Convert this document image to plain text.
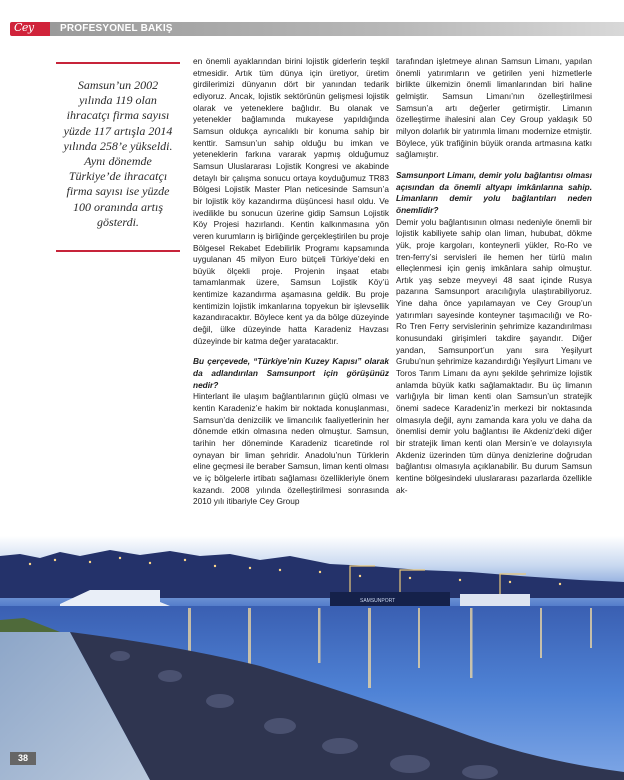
Cey	PROFESYONEL BAKIŞ
Samsun’un 2002 yılında 119 olan ihracatçı firma sayısı yüzde 117 artışla 2014 yılında 258’e yükseldi. Aynı dönemde Türkiye’de ihracatçı firma sayısı ise yüzde 100 oranında artış gösterdi.

en önemli ayaklarından birini lojistik giderlerin teşkil etmesidir. Artık tüm dünya için üretiyor, üretim girdilerimizi dünyanın dört bir yanından tedarik ediyoruz. Ancak, lojistik sektörünün gelişmesi lojistik olarak ve yeteneklere bağlıdır. Bu olanak ve yetenekler bağlamında mukayese yapıldığında Samsun oldukça ayrıcalıklı bir konuma sahip bir kenttir. Samsun’un sahip olduğu bu imkan ve yeteneklerin farkına vararak yapmış olduğumuz Samsun Uluslararası Lojistik Kongresi ve akabinde detaylı bir çalışma sonucu ortaya koyduğumuz TR83 Bölgesi Lojistik Master Plan neticesinde Samsun’a bir lojistik köy kazandırma düşüncesi hasıl oldu. Ve ivedilikle bu sonucun üzerine gidip Samsun Lojistik Köy Projesi hazırlandı. Kentin kalkınmasına yön veren kurumların iş birliğinde gerçekleştirilen bu proje Bölgesel Rekabet Edebilirlik Programı kapsamında uygulanan 45 milyon Euro bütçeli Türkiye’deki en büyük ölçekli proje. Projenin inşaat etabı tamamlanmak üzere, Samsun Lojistik Köy’ü kentimize kazandırma aşamasına geldik. Bu proje kentimizin lojistik imkanlarına topyekun bir işlevsellik kazandıracaktır. Böylece kent ya da bölge düzeyinde değil, ülke düzeyinde hatta Karadeniz Havzası düzeyinde bir katma değer yaratacaktır.

Bu çerçevede, “Türkiye’nin Kuzey Kapısı” olarak da adlandırılan Samsunport için görüşünüz nedir?

Hinterlant ile ulaşım bağlantılarının güçlü olması ve kentin Karadeniz’e hakim bir noktada konuşlanması, Samsun’da denizcilik ve limancılık faaliyetlerinin her dönemde etkin olmasına neden olmuştur. Samsun, tarihin her döneminde Karadeniz ticaretinde rol oynayan bir liman şehridir. Anadolu’nun Türklerin eline geçmesi ile beraber Samsun, liman kenti olması ve iç bölgelerle irtibatı sağlaması özellikleriyle önem kazandı. 2008 yılında özelleştirilmesi sonrasında 2010 yılı itibariyle Cey Group

tarafından işletmeye alınan Samsun Limanı, yapılan önemli yatırımların ve getirilen yeni hizmetlerle birlikte ülkemizin önemli limanlarından biri haline gelmiştir. Samsun Limanı’nın özelleştirilmesi Samsun’a artı değerler getirmiştir. Limanın özelleştirme ihalesini alan Cey Group yaklaşık 50 milyon dolarlık bir yatırımla limanı modernize etmiştir. Böylece, yük trafiğinin büyük oranda artmasına katkı sağlamıştır.

Samsunport Limanı, demir yolu bağlantısı olması açısından da önemli altyapı imkânlarına sahip. Limanların demir yolu bağlantıları neden önemlidir?

Demir yolu bağlantısının olması nedeniyle önemli bir lojistik kabiliyete sahip olan liman, hububat, dökme yük, proje kargoları, konteynerli yükler, Ro-Ro ve tren-ferry’si servisleri ile hemen her türlü malın elleçlenmesi için geniş imkânlara sahip olmuştur. Artık yaş sebze meyveyi 48 saat içinde Rusya pazarına Samsunport aracılığıyla ulaştırabiliyoruz. Yine daha önce yapılamayan ve Cey Group’un yatırımları sayesinde konteyner taşımacılığı ve Ro-Ro Tren Ferry servislerinin şehrimize kazandırılması konusundaki girişimleri takdire şayandır. Diğer yandan, Samsunport’un yanı sıra Yeşilyurt Grubu’nun şehrimize kazandırdığı Yeşilyurt Limanı ve Toros Tarım Limanı da aynı şekilde şehrimize lojistik anlamda büyük katkı sağlamaktadır. Bu üç limanın varlığıyla bir liman kenti olan Samsun’un stratejik önemi sadece Karadeniz’in merkezi bir noktasında olmasıyla değil, aynı zamanda kara yolu ve daha da önemlisi demir yolu bağlantısı ile Akdeniz’deki diğer bir stratejik liman kenti olan Mersin’e ve dolayısıyla Akdeniz üzerinden tüm dünya denizlerine doğrudan bağlantısı olmasıyla açıklanabilir. Bu durum Samsun kentine bölgesindeki uluslararası pazarlarda özellikle ak-

SAMSUNPORT
38
